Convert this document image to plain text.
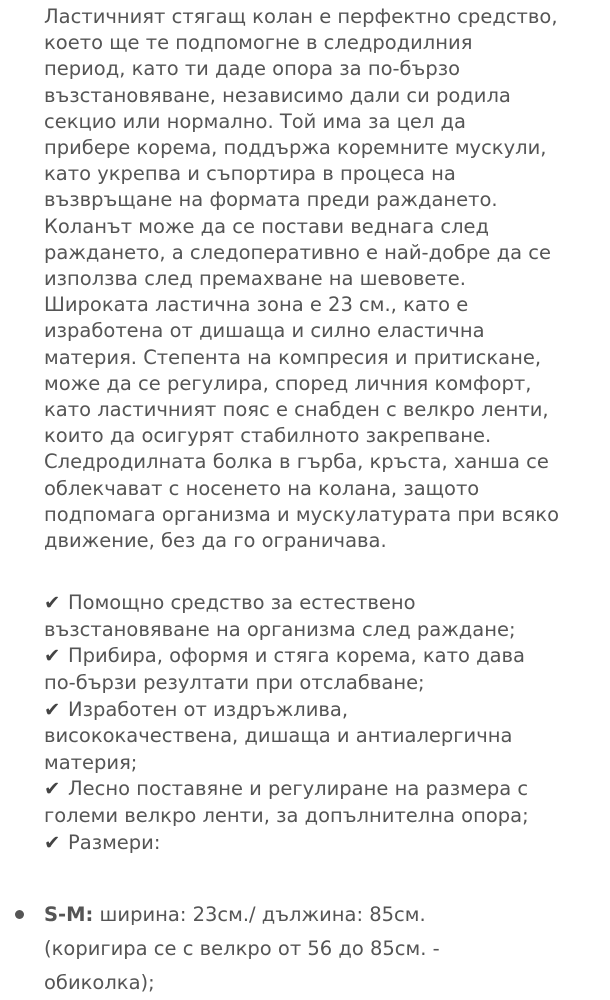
Ластичният стягащ колан е перфектно средство,
което ще те подпомогне в следродилния
период, като ти даде опора за по-бързо
възстановяване, независимо дали си родила
секцио или нормално. Той има за цел да
прибере корема, поддържа коремните мускули,
като укрепва и съпортира в процеса на
възвръщане на формата преди раждането.
Коланът може да се постави веднага след
раждането, а следоперативно е най-добре да се
използва след премахване на шевовете.
Широката ластична зона е 23 см., като е
изработена от дишаща и силно еластична
материя. Степента на компресия и притискане,
може да се регулира, според личния комфорт,
като ластичният пояс е снабден с велкро ленти,
които да осигурят стабилното закрепване.
Следродилната болка в гърба, кръста, ханша се
облекчават с носенето на колана, защото
подпомага организма и мускулатурата при всяко
движение, без да го ограничава.

✔ Помощно средство за естествено
възстановяване на организма след раждане;
✔ Прибира, оформя и стяга корема, като дава
по-бързи резултати при отслабване;
✔ Изработен от издръжлива,
висококачествена, дишаща и антиалергична
материя;
✔ Лесно поставяне и регулиране на размера с
големи велкро ленти, за допълнителна опора;
✔ Размери:
S-M: ширина: 23см./ дължина: 85см.
(коригира се с велкро от 56 до 85см. -
обиколка);
